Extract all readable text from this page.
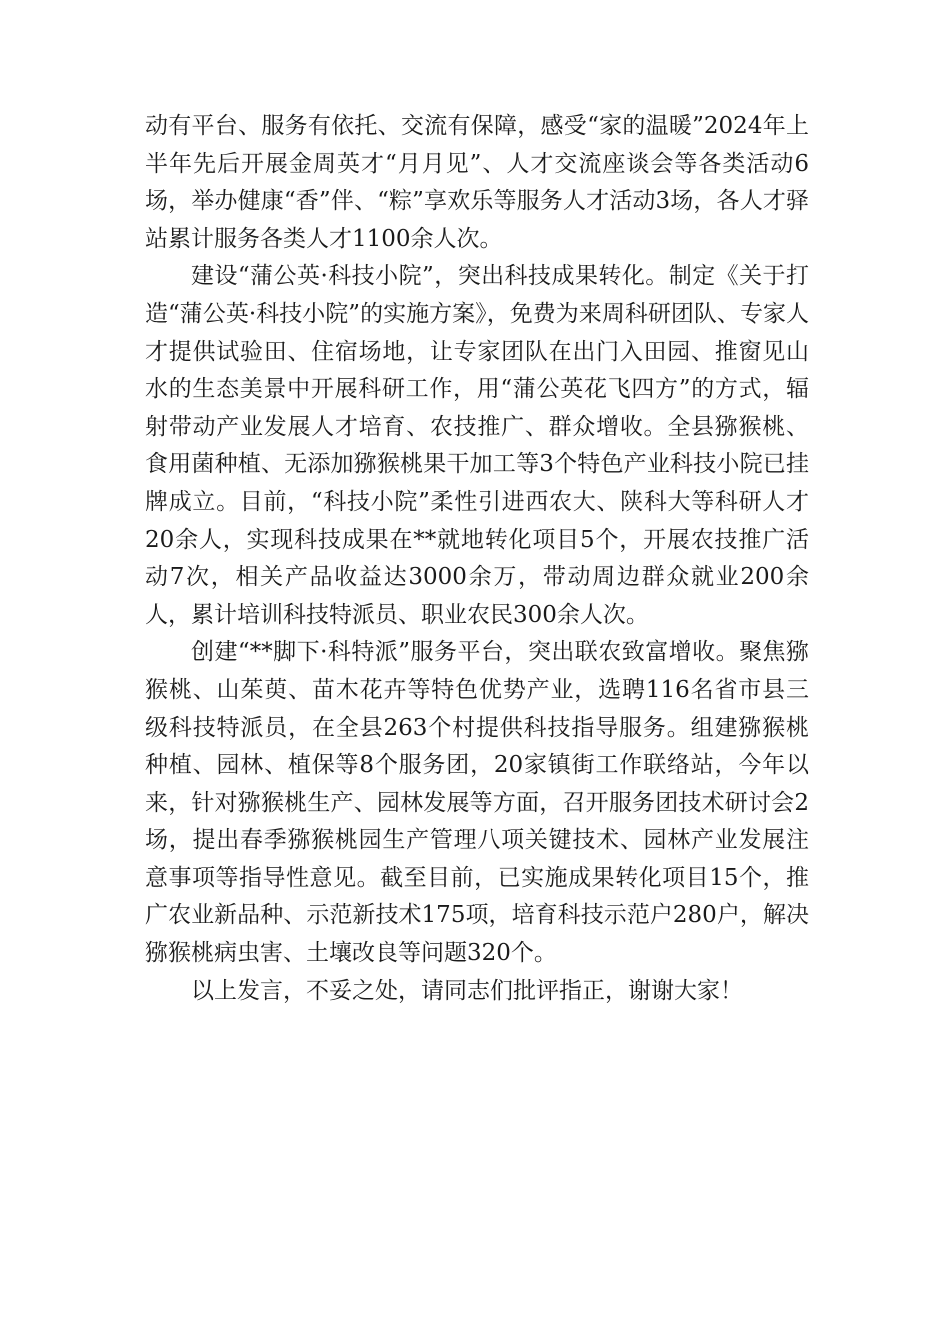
动有平台、服务有依托、交流有保障，感受“家的温暖”2024年上半年先后开展金周英才“月月见”、人才交流座谈会等各类活动6场，举办健康“香”伴、“粽”享欢乐等服务人才活动3场，各人才驿站累计服务各类人才1100余人次。

建设“蒲公英·科技小院”，突出科技成果转化。制定《关于打造“蒲公英·科技小院”的实施方案》，免费为来周科研团队、专家人才提供试验田、住宿场地，让专家团队在出门入田园、推窗见山水的生态美景中开展科研工作，用“蒲公英花飞四方”的方式，辐射带动产业发展人才培育、农技推广、群众增收。全县猕猴桃、食用菌种植、无添加猕猴桃果干加工等3个特色产业科技小院已挂牌成立。目前，“科技小院”柔性引进西农大、陕科大等科研人才20余人，实现科技成果在**就地转化项目5个，开展农技推广活动7次，相关产品收益达3000余万，带动周边群众就业200余人，累计培训科技特派员、职业农民300余人次。

创建“**脚下·科特派”服务平台，突出联农致富增收。聚焦猕猴桃、山茱萸、苗木花卉等特色优势产业，选聘116名省市县三级科技特派员，在全县263个村提供科技指导服务。组建猕猴桃种植、园林、植保等8个服务团，20家镇街工作联络站，今年以来，针对猕猴桃生产、园林发展等方面，召开服务团技术研讨会2场，提出春季猕猴桃园生产管理八项关键技术、园林产业发展注意事项等指导性意见。截至目前，已实施成果转化项目15个，推广农业新品种、示范新技术175项，培育科技示范户280户，解决猕猴桃病虫害、土壤改良等问题320个。

以上发言，不妥之处，请同志们批评指正，谢谢大家！
